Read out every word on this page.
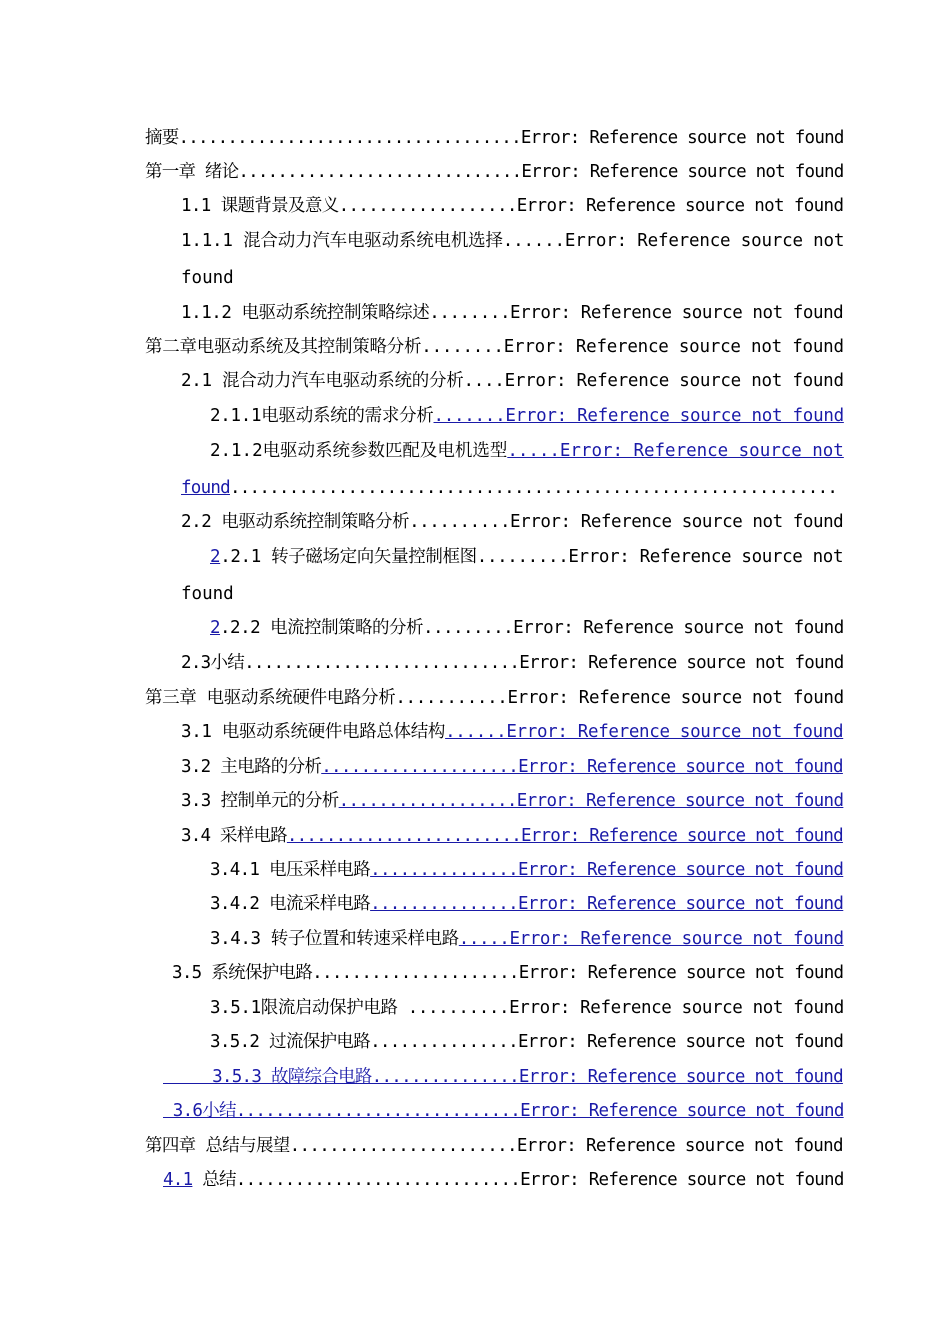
摘要...................................Error: Reference source not found
第一章 绪论.............................Error: Reference source not found
1.1 课题背景及意义..................Error: Reference source not found
1.1.1 混合动力汽车电驱动系统电机选择......Error: Reference source not
found
1.1.2 电驱动系统控制策略综述........Error: Reference source not found
第二章电驱动系统及其控制策略分析........Error: Reference source not found
2.1 混合动力汽车电驱动系统的分析....Error: Reference source not found
2.1.1电驱动系统的需求分析.......Error: Reference source not found
2.1.2电驱动系统参数匹配及电机选型.....Error: Reference source not
found..............................................................
2.2 电驱动系统控制策略分析..........Error: Reference source not found
2.2.1 转子磁场定向矢量控制框图.........Error: Reference source not
found
2.2.2 电流控制策略的分析.........Error: Reference source not found
2.3小结............................Error: Reference source not found
第三章 电驱动系统硬件电路分析...........Error: Reference source not found
3.1 电驱动系统硬件电路总体结构......Error: Reference source not found
3.2 主电路的分析....................Error: Reference source not found
3.3 控制单元的分析..................Error: Reference source not found
3.4 采样电路........................Error: Reference source not found
3.4.1 电压采样电路...............Error: Reference source not found
3.4.2 电流采样电路...............Error: Reference source not found
3.4.3 转子位置和转速采样电路.....Error: Reference source not found
3.5 系统保护电路.....................Error: Reference source not found
3.5.1限流启动保护电路 ..........Error: Reference source not found
3.5.2 过流保护电路...............Error: Reference source not found
3.5.3 故障综合电路...............Error: Reference source not found
3.6小结.............................Error: Reference source not found
第四章 总结与展望.......................Error: Reference source not found
4.1 总结.............................Error: Reference source not found
